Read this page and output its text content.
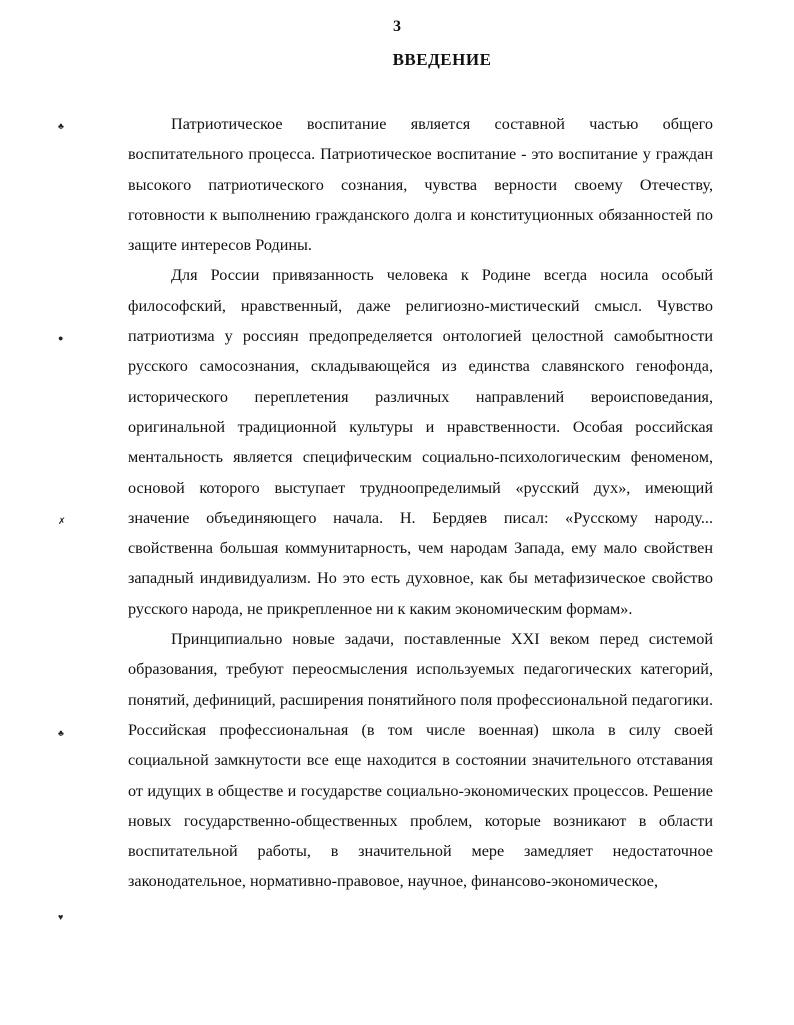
3
ВВЕДЕНИЕ
♣
●
✗
♣
♥

Патриотическое воспитание является составной частью общего воспитательного процесса. Патриотическое воспитание - это воспитание у граждан высокого патриотического сознания, чувства верности своему Отечеству, готовности к выполнению гражданского долга и конституционных обязанностей по защите интересов Родины.

Для России привязанность человека к Родине всегда носила особый философский, нравственный, даже религиозно-мистический смысл. Чувство патриотизма у россиян предопределяется онтологией целостной самобытности русского самосознания, складывающейся из единства славянского генофонда, исторического переплетения различных направлений вероисповедания, оригинальной традиционной культуры и нравственности. Особая российская ментальность является специфическим социально-психологическим феноменом, основой которого выступает трудноопределимый «русский дух», имеющий значение объединяющего начала. Н. Бердяев писал: «Русскому народу... свойственна большая коммунитарность, чем народам Запада, ему мало свойствен западный индивидуализм. Но это есть духовное, как бы метафизическое свойство русского народа, не прикрепленное ни к каким экономическим формам».

Принципиально новые задачи, поставленные XXI веком перед системой образования, требуют переосмысления используемых педагогических категорий, понятий, дефиниций, расширения понятийного поля профессиональной педагогики. Российская профессиональная (в том числе военная) школа в силу своей социальной замкнутости все еще находится в состоянии значительного отставания от идущих в обществе и государстве социально-экономических процессов. Решение новых государственно-общественных проблем, которые возникают в области воспитательной работы, в значительной мере замедляет недостаточное законодательное, нормативно-правовое, научное, финансово-экономическое,
